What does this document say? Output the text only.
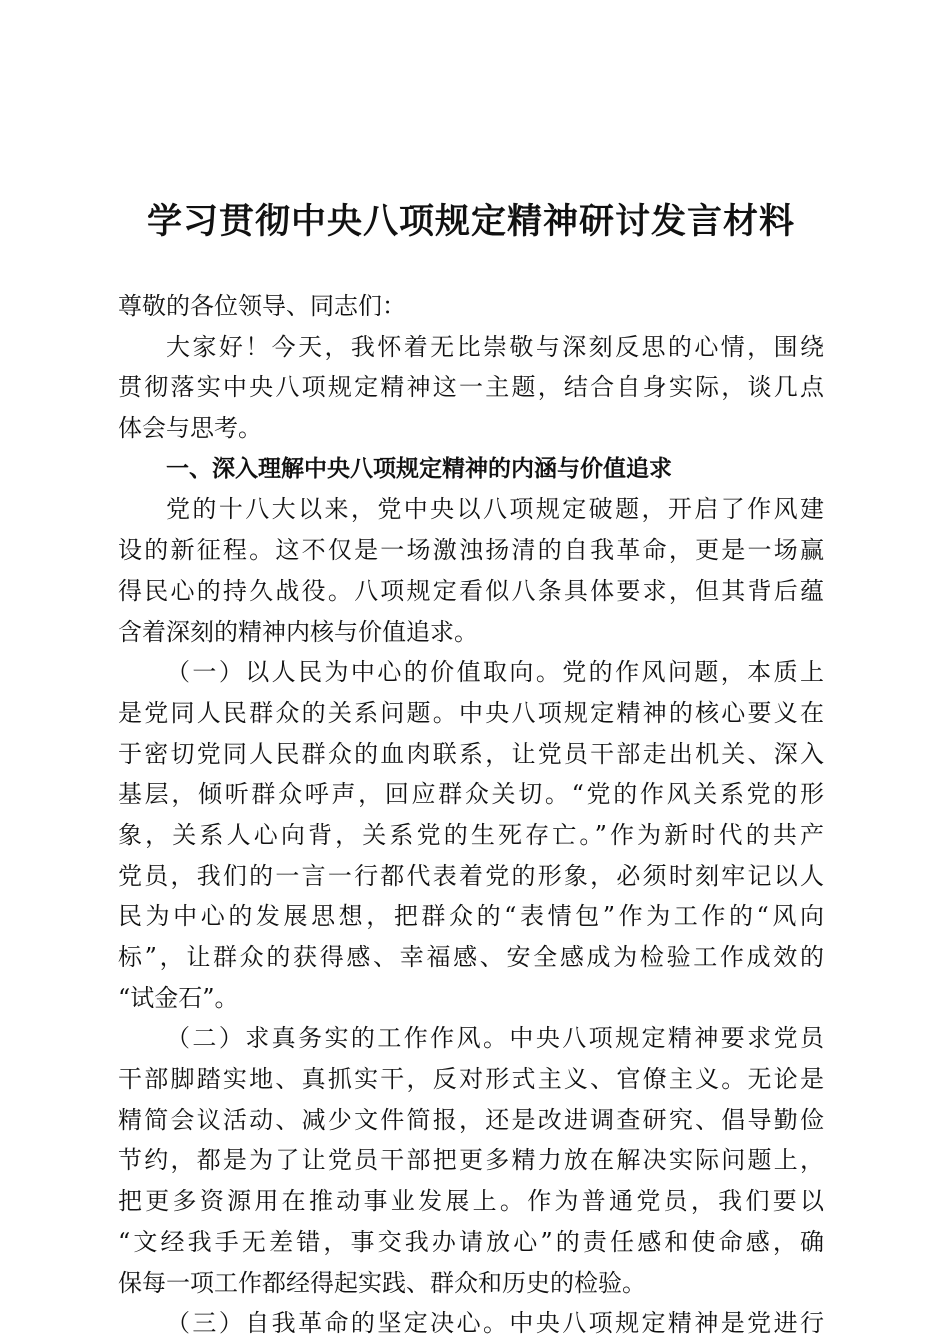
学习贯彻中央八项规定精神研讨发言材料
尊敬的各位领导、同志们：
大家好！今天，我怀着无比崇敬与深刻反思的心情，围绕
贯彻落实中央八项规定精神这一主题，结合自身实际，谈几点
体会与思考。
一、深入理解中央八项规定精神的内涵与价值追求
党的十八大以来，党中央以八项规定破题，开启了作风建
设的新征程。这不仅是一场激浊扬清的自我革命，更是一场赢
得民心的持久战役。八项规定看似八条具体要求，但其背后蕴
含着深刻的精神内核与价值追求。
（一）以人民为中心的价值取向。党的作风问题，本质上
是党同人民群众的关系问题。中央八项规定精神的核心要义在
于密切党同人民群众的血肉联系，让党员干部走出机关、深入
基层，倾听群众呼声，回应群众关切。“党的作风关系党的形
象，关系人心向背，关系党的生死存亡。”作为新时代的共产
党员，我们的一言一行都代表着党的形象，必须时刻牢记以人
民为中心的发展思想，把群众的“表情包”作为工作的“风向
标”，让群众的获得感、幸福感、安全感成为检验工作成效的
“试金石”。
（二）求真务实的工作作风。中央八项规定精神要求党员
干部脚踏实地、真抓实干，反对形式主义、官僚主义。无论是
精简会议活动、减少文件简报，还是改进调查研究、倡导勤俭
节约，都是为了让党员干部把更多精力放在解决实际问题上，
把更多资源用在推动事业发展上。作为普通党员，我们要以
“文经我手无差错，事交我办请放心”的责任感和使命感，确
保每一项工作都经得起实践、群众和历史的检验。
（三）自我革命的坚定决心。中央八项规定精神是党进行
